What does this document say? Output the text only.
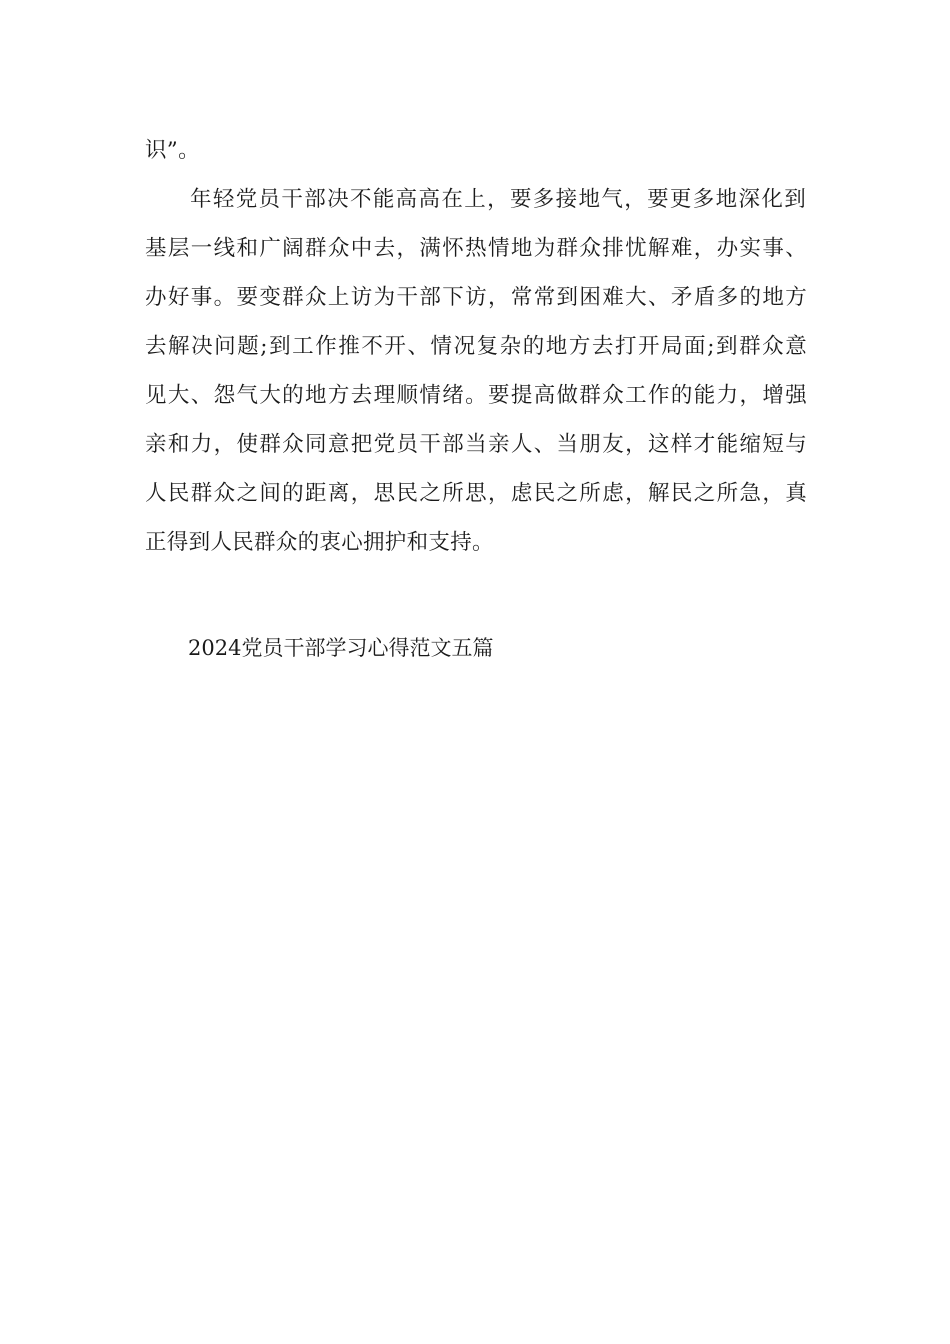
识”。
年轻党员干部决不能高高在上，要多接地气，要更多地深化到
基层一线和广阔群众中去，满怀热情地为群众排忧解难，办实事、
办好事。要变群众上访为干部下访，常常到困难大、矛盾多的地方
去解决问题;到工作推不开、情况复杂的地方去打开局面;到群众意
见大、怨气大的地方去理顺情绪。要提高做群众工作的能力，增强
亲和力，使群众同意把党员干部当亲人、当朋友，这样才能缩短与
人民群众之间的距离，思民之所思，虑民之所虑，解民之所急，真
正得到人民群众的衷心拥护和支持。
2024党员干部学习心得范文五篇
